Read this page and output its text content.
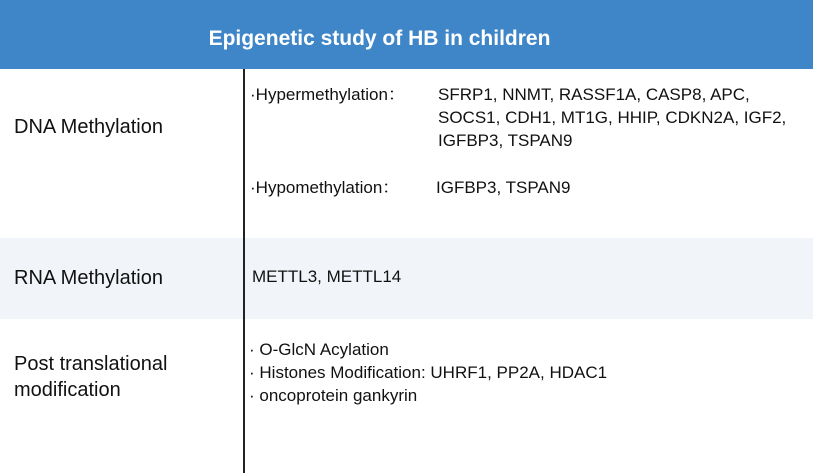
Epigenetic study of HB in children
DNA Methylation
·Hypermethylation： SFRP1, NNMT, RASSF1A, CASP8, APC, SOCS1, CDH1, MT1G, HHIP, CDKN2A, IGF2, IGFBP3, TSPAN9
·Hypomethylation： IGFBP3, TSPAN9
RNA Methylation	METTL3, METTL14
Post translational
modification
· O-GlcN Acylation
· Histones Modification: UHRF1, PP2A, HDAC1
· oncoprotein gankyrin
